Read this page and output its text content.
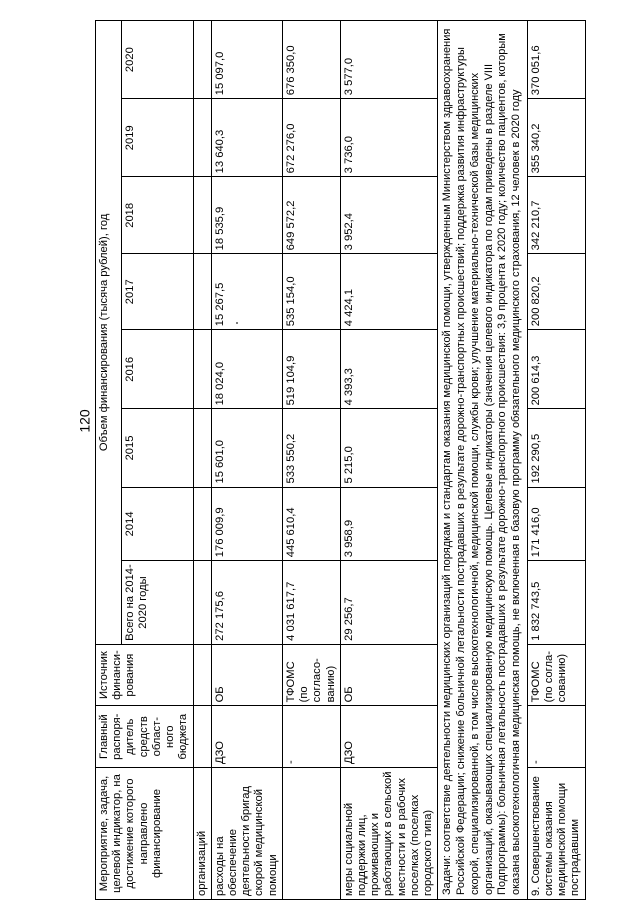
120
Мероприятие, задача, целевой индикатор, на достижение которого направлено финансирование	Главный распоря-дитель средств област-ного бюджета	Источник финанси-рования	Объем финансирования (тысяча рублей), год							
			Всего на 2014-2020 годы	2014	2015	2016	2017	2018	2019	2020
организаций										
расходы на обеспечение деятельности бригад скорой медицинской помощи	ДЗО	ОБ	272 175,6	176 009,9	15 601,0	18 024,0	15 267,5	18 535,9	13 640,3	15 097,0
	-	ТФОМС (по согласо-ванию)	4 031 617,7	445 610,4	533 550,2	519 104,9	535 154,0	649 572,2	672 276,0	676 350,0
меры социальной поддержки лиц, проживающих и работающих в сельской местности и в рабочих поселках (поселках городского типа)	ДЗО	ОБ	29 256,7	3 958,9	5 215,0	4 393,3	4 424,1	3 952,4	3 736,0	3 577,0
Задачи: соответствие деятельности медицинских организаций порядкам и стандартам оказания медицинской помощи, утвержденным Министерством здравоохранения Российской Федерации; снижение больничной летальности пострадавших в результате дорожно-транспортных происшествий; поддержка развития инфраструктуры скорой, специализированной, в том числе высокотехнологичной, медицинской помощи, службы крови; улучшение материально-технической базы медицинских организаций, оказывающих специализированную медицинскую помощь. Целевые индикаторы (значения целевого индикатора по годам приведены в разделе VIII Подпрограммы): больничная летальность пострадавших в результате дорожно-транспортного происшествия: 3,9 процента к 2020 году; количество пациентов, которым оказана высокотехнологичная медицинская помощь, не включенная в базовую программу обязательного медицинского страхования, 12 человек в 2020 году										
9. Совершенствование системы оказания медицинской помощи пострадавшим	-	ТФОМС (по согла-сованию)	1 832 743,5	171 416,0	192 290,5	200 614,3	200 820,2	342 210,7	355 340,2	370 051,6
